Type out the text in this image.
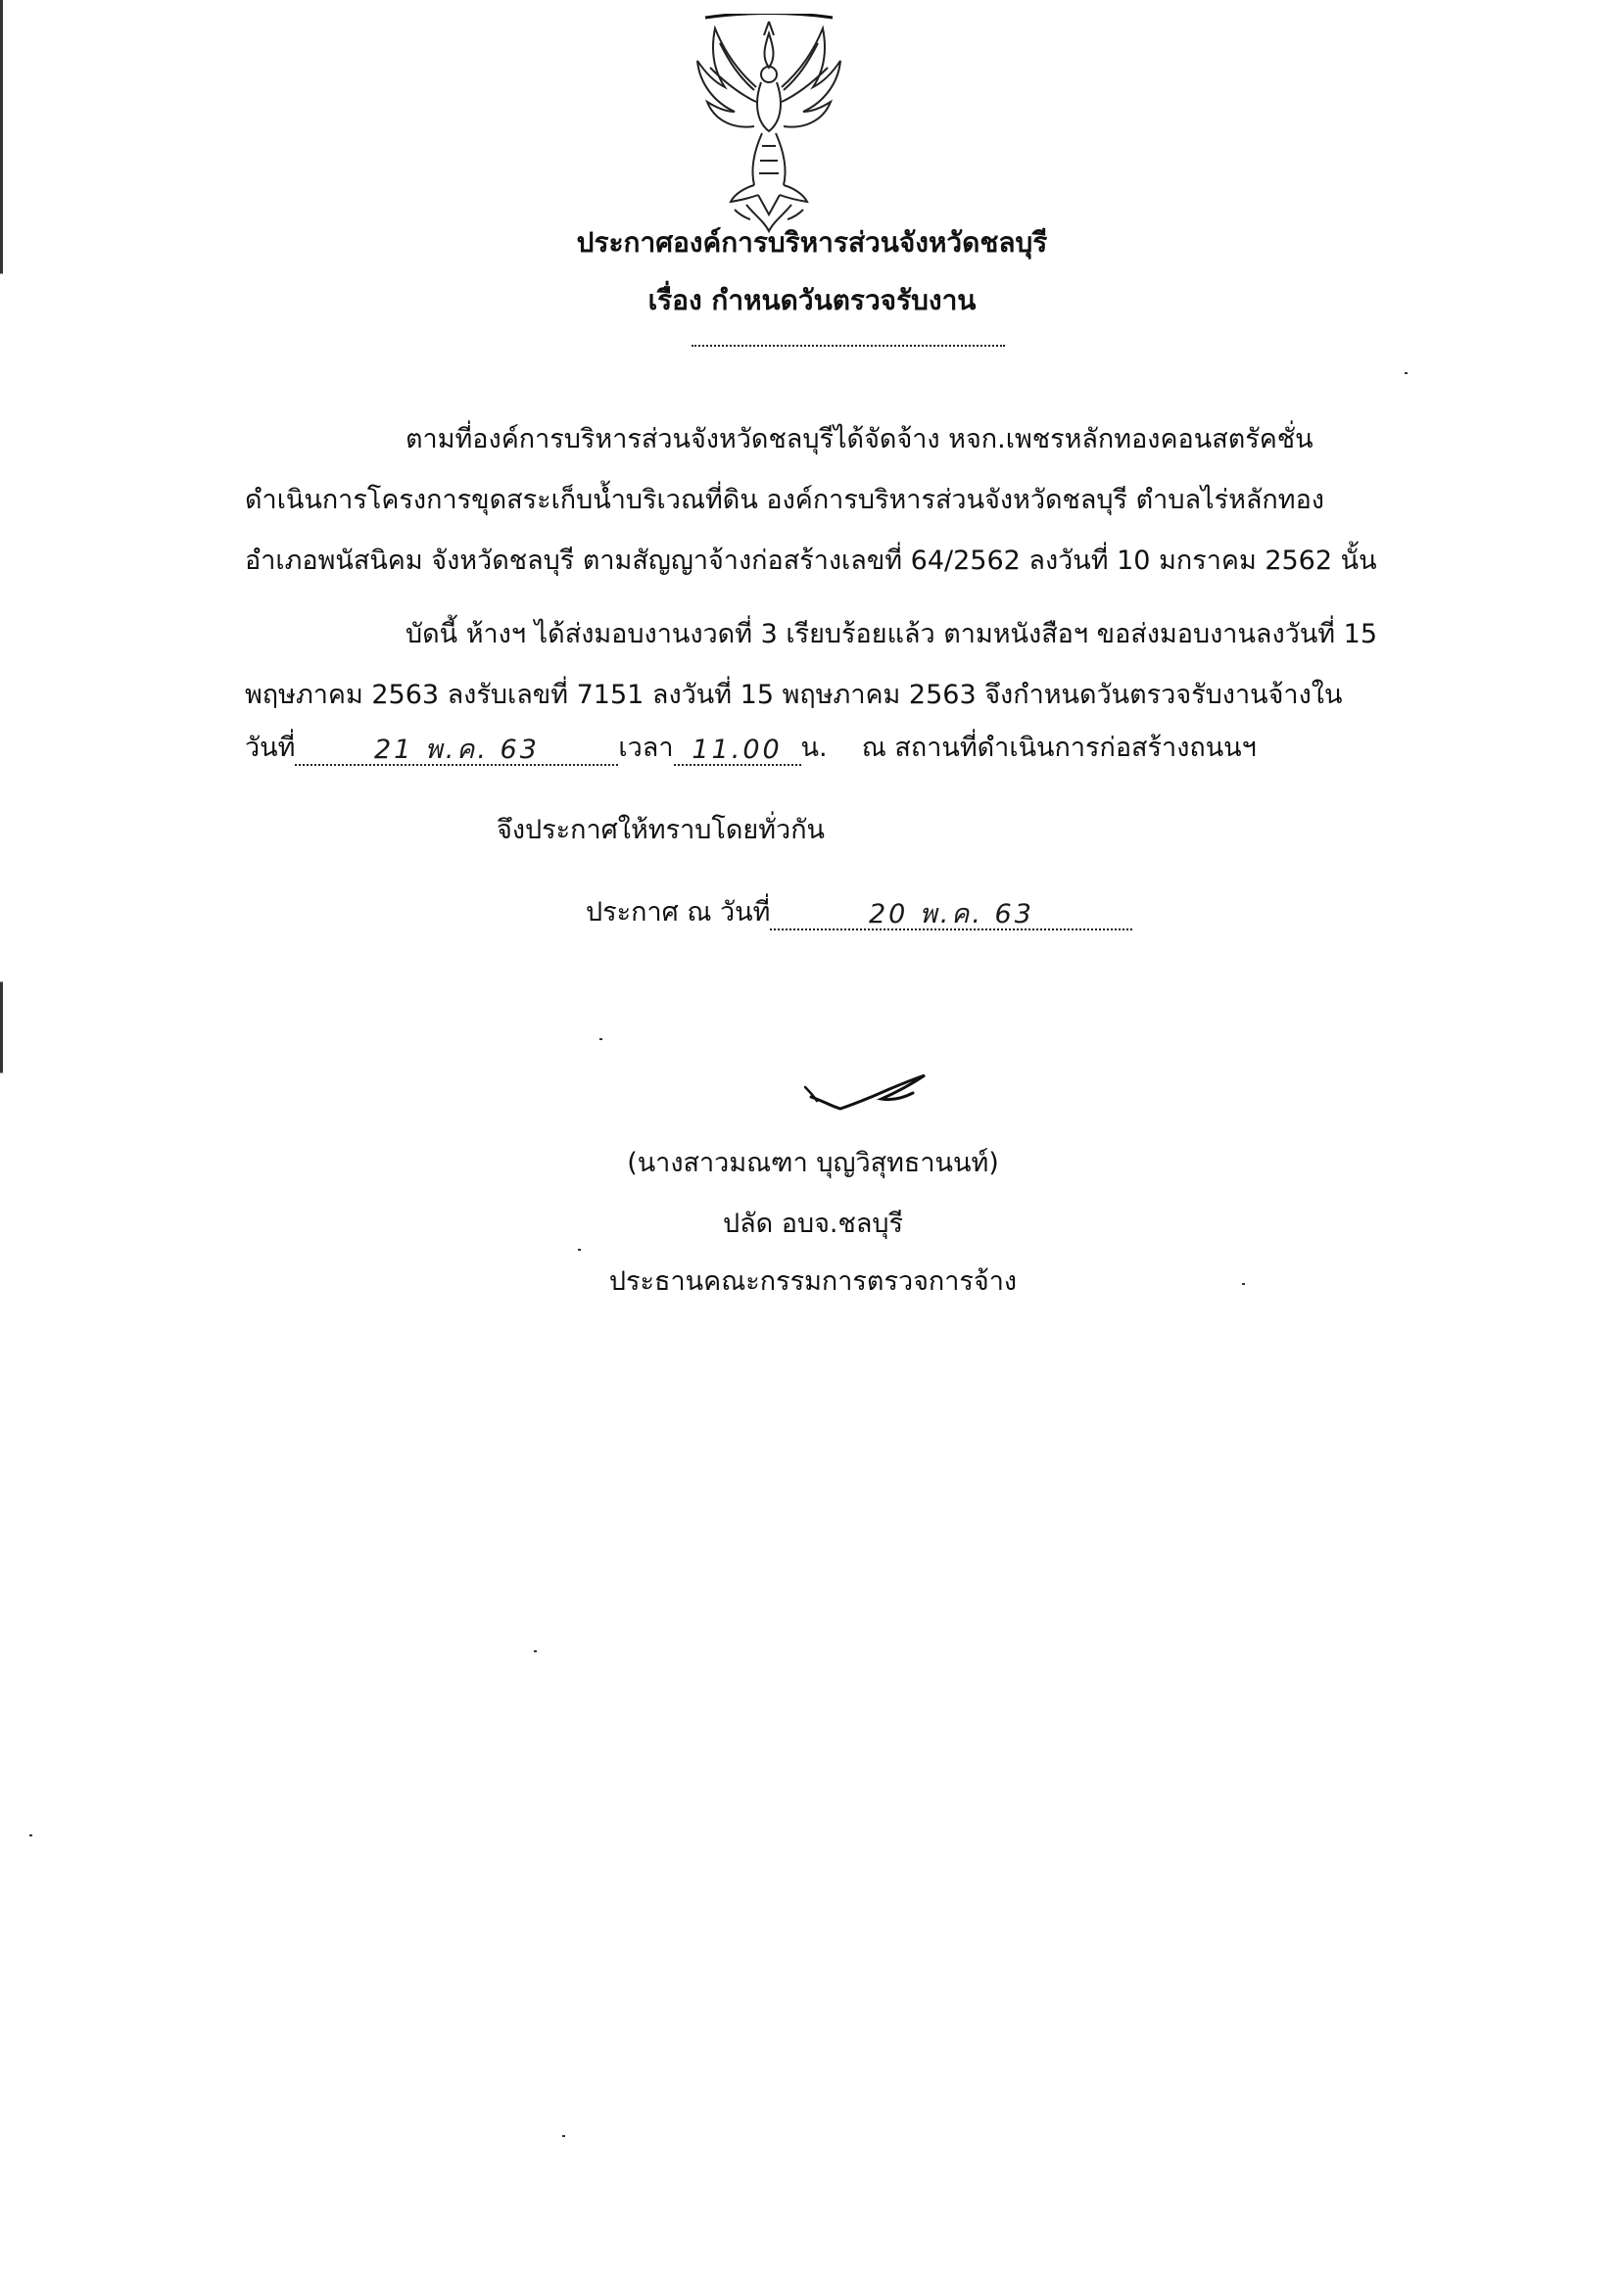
ประกาศองค์การบริหารส่วนจังหวัดชลบุรี
เรื่อง กำหนดวันตรวจรับงาน
ตามที่องค์การบริหารส่วนจังหวัดชลบุรีได้จัดจ้าง หจก.เพชรหลักทองคอนสตรัคชั่น
ดำเนินการโครงการขุดสระเก็บน้ำบริเวณที่ดิน องค์การบริหารส่วนจังหวัดชลบุรี ตำบลไร่หลักทอง
อำเภอพนัสนิคม จังหวัดชลบุรี ตามสัญญาจ้างก่อสร้างเลขที่ 64/2562 ลงวันที่ 10 มกราคม 2562 นั้น
บัดนี้ ห้างฯ ได้ส่งมอบงานงวดที่ 3 เรียบร้อยแล้ว ตามหนังสือฯ ขอส่งมอบงานลงวันที่ 15
พฤษภาคม 2563 ลงรับเลขที่ 7151 ลงวันที่ 15 พฤษภาคม 2563 จึงกำหนดวันตรวจรับงานจ้างใน
วันที่	21 พ.ค. 63	เวลา 11.00 น. ณ สถานที่ดำเนินการก่อสร้างถนนฯ
จึงประกาศให้ทราบโดยทั่วกัน
ประกาศ ณ วันที่	20 พ.ค. 63
(นางสาวมณฑา บุญวิสุทธานนท์)
ปลัด อบจ.ชลบุรี
ประธานคณะกรรมการตรวจการจ้าง
